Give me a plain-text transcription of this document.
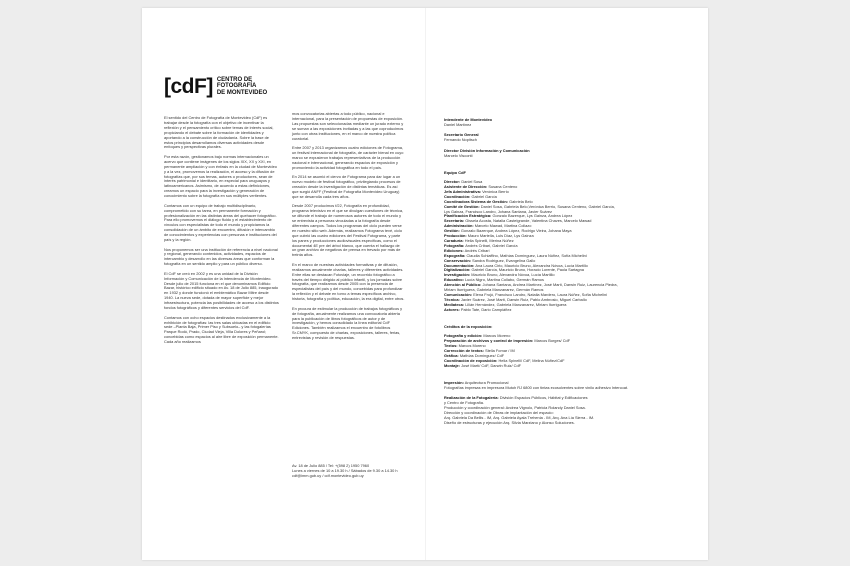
[cdF] CENTRO DE
FOTOGRAFÍA
DE MONTEVIDEO

El sentido del Centro de Fotografía de Montevideo (CdF) es trabajar desde la fotografía con el objetivo de incentivar la reflexión y el pensamiento crítico sobre temas de interés social, propiciando el debate sobre la formación de identidades y aportando a la construcción de ciudadanía. Sobre la base de estos principios desarrollamos diversas actividades desde enfoques y perspectivas plurales.

Por esta razón, gestionamos bajo normas internacionales un acervo que contiene imágenes de los siglos XIX, XX y XXI, en permanente ampliación y con énfasis en la ciudad de Montevideo y a la vez, promovemos la realización, el acceso y la difusión de fotografías que, por sus temas, autores o productores, sean de interés patrimonial e identitario, en especial para uruguayos y latinoamericanos. Asimismo, de acuerdo a estas definiciones, creamos un espacio para la investigación y generación de conocimiento sobre la fotografía en sus múltiples vertientes.

Contamos con un equipo de trabajo multidisciplinario, comprometido con su tarea, en permanente formación y profesionalización en las distintas áreas del quehacer fotográfico. Para ello promovemos el diálogo fluido y el establecimiento de vínculos con especialistas de todo el mundo y propiciamos la consolidación de un ámbito de encuentro, difusión e intercambio de conocimientos y experiencias con personas e instituciones del país y la región.

Nos proponemos ser una institución de referencia a nivel nacional y regional, generando contenidos, actividades, espacios de intercambio y desarrollo en las diversas áreas que conforman la fotografía en un sentido amplio y para un público diverso.

El CdF se creó en 2002 y es una unidad de la División Información y Comunicación de la Intendencia de Montevideo. Desde julio de 2015 funciona en el que denominamos Edificio Bazar, histórico edificio situado en Av. 18 de Julio 885, inaugurado en 1932 y donde funcionó el emblemático Bazar Mitre desde 1940. La nueva sede, dotada de mayor superficie y mejor infraestructura, potencia las posibilidades de acceso a los distintos fondos fotográficos y diferentes servicios del CdF.

Contamos con ocho espacios destinados exclusivamente a la exhibición de fotografías: las tres salas ubicadas en el edificio sede –Planta Baja, Primer Piso y Subsuelo– y las fotogalerías Parque Rodó, Prado, Ciudad Vieja, Villa Dolores y Peñarol; concebidas como espacios al aire libre de exposición permanente. Cada año realizamos

mos convocatorias abiertas a todo público, nacional e internacional, para la presentación de propuestas de exposición. Las propuestas son seleccionadas mediante un jurado externo y se suman a las exposiciones invitadas y a las que coproducimos junto con otras instituciones, en el marco de nuestra política curatorial.

Entre 2007 y 2013 organizamos cuatro ediciones de Fotograma, un festival internacional de fotografía, de carácter bienal en cuyo marco se expusieron trabajos representativos de la producción nacional e internacional, generando espacios de exposición y promoviendo la actividad fotográfica en todo el país.

En 2014 se asumió el ciervo de Fotograma para dar lugar a un nuevo modelo de festival fotográfico, privilegiando procesos de creación desde la investigación de distintas temáticas. Es así que surgió ANFF (Festival de Fotografía Montevideo Uruguay) que se desarrolla cada tres años.

Desde 2007 producimos f/22, Fotografía en profundidad, programa televisivo en el que se divulgan cuestiones de técnica, se difunde el trabajo de numerosos autores de todo el mundo y se entrevista a personas vinculadas a la fotografía desde diferentes campos. Todos los programas del ciclo pueden verse en nuestro sitio web. Además, realizamos Fotograma tevé, ciclo que cubrió las cuatro ediciones del Festival Fotograma, y parte los panes y producciones audiovisuales específicas, como el documental 4E pre del árbol blanco, que cuenta el hallazgo de un gran archivo de negativos de prensa en trevado por más de treinta años.

En el marco de nuestras actividades formativas y de difusión, realizamos anualmente charlas, talleres y diferentes actividades. Entre ellas se destacan Fotoviaje, un recorrido fotográfico a través del tiempo dirigido al público infantil, y los jornadas sobre fotografía, que realizamos desde 2005 con la presencia de especialistas del país y del mundo, concebidas para profundizar la reflexión y el debate en torno a temas específicos archivo, historia, fotografía y política, educación, la era digital, entre otros.

En procura de estimular la producción de trabajos fotográficos y de fotografía, anualmente realizamos una convocatoria abierta para la publicación de libros fotográficos de autor y de investigación, y hemos consolidado la línea editorial CdF Ediciones. También realizamos el encuentro de fotolibros Sr.CMYK, compuesto de charlas, exposiciones, talleres, ferias, entrevistas y revisión de respuestas.

Av. 18 de Julio 885 / Tel: +(598 2) 1950 7960
Lunes a viernes de 10 a 19.30 h / Sábados de 9.30 a 14.30 h
cdf@imm.gub.uy / cdf.montevideo.gub.uy
Intendente de Montevideo
Daniel Martínez
Secretario General
Fernando Nopitsch
Director División Información y Comunicación
Marcelo Visconti
Equipo CdF
Director: Daniel Sosa
Asistente de Dirección: Susana Centeno
Jefa Administrativa: Verónica Berrio
Coordinación: Gabriel García
Coordinadora Sistema de Gestión: Gabriela Belo
Comité de Gestión: Daniel Sosa, Gabriela Belo,Verónica Berrio, Susana Centeno, Gabriel García,
Lys Gainza, Francisco Landro, Johana Santana, Javier Suárez
Planificación Estratégica: Gonzalo Bazerque, Lys Gainza, Andrea López
Secretaría: Gissela Acosta, Natalia Castelgrande, Valentina Chaves, Marcelo Mawad
Administración: Marcelo Mawad, Martina Collazo
Gestión: Gonzalo Bazerque, Andrea López, Rodrigo Vieira, Johana Maya
Producción: Mauro Martella, Luis Díaz, Lys Gainza
Curaduría: Helia Spinelli, Merina Núñez
Fotografía: Andrés Cribari, Gabriel García
Ediciones: Andrés Cribari
Espografía: Claudia Schiaffino, Mathías Domínguez, Laura Núñez, Sofía Michelini
Conservación: Sandra Rodríguez, Evangelina Gallo
Documentación: Ana Laura Cirio, Mauricio Bruno, Alexandra Nóvoa, Lucía Martillo
Digitalización: Gabriel García, Mauricio Bruno, Horacio Lorente, Paola Sartagna
Investigación: Mauricio Bruno, Alexandra Nóvoa, Lucía Martillo
Educativo: Lucía Nigro, Martina Collabo, Germán Ramos
Atención al Público: Johana Santana, Andrea Martínez, José Martí, Darwin Ruiz, Laurencia Piedra,
Miriam Iturriguera, Gabriela Manzanarez, Germán Ramos
Comunicación: Elena Frojó, Francisco Landro, Natalia Mardero, Laura Núñez, Sofía Michelini
Técnica: Javier Suárez, José Martí, Darwin Ruiz, Pablo Ambrosio, Miguel Carballo
Mediateca: Lilián Hernández, Gabriela Manzanarez, Miriam Iturriguera
Actores: Pablo Tate, Dario Campiáñez
Créditos de la exposición:
Fotografía y edición: Marcos Moreno
Preparación de archivos y control de impresión: Marcos Borges/ CdF
Textos: Marcos Moreno
Corrección de textos: Stella Fomar / IM
Gráfica: Mathías Domínguez/ CdF
Coordinación de exposición: Helia Spinelli/ CdF, Melina Núñez/CdF
Montaje: José Martí/ CdF, Darwin Ruiz/ CdF
Impresión: Arquitectura Promocional
Fotografías impresas en impresora Mutoh RJ 6800 con tintas ecosolventes sobre vinilo adhesivo Intercoat.
Realización de la Fotogalería: División Espacios Públicos, Hábitat y Edificaciones
y Centro de Fotografía.
Producción y coordinación general: Andrea Vignolo, Patricia Rolandy Daniel Sosa.
Dirección y coordinación de Obras de implantación del espacio:
Arq. Gabriela Da Bellis - IM, Arq. Gabriela Ayala Trehenia - IM, Arq. Ana Lía Sierra - IM.
Diseño de estructuras y ejecución Arq. Silvia Marziano y Alonso Soluciones.
